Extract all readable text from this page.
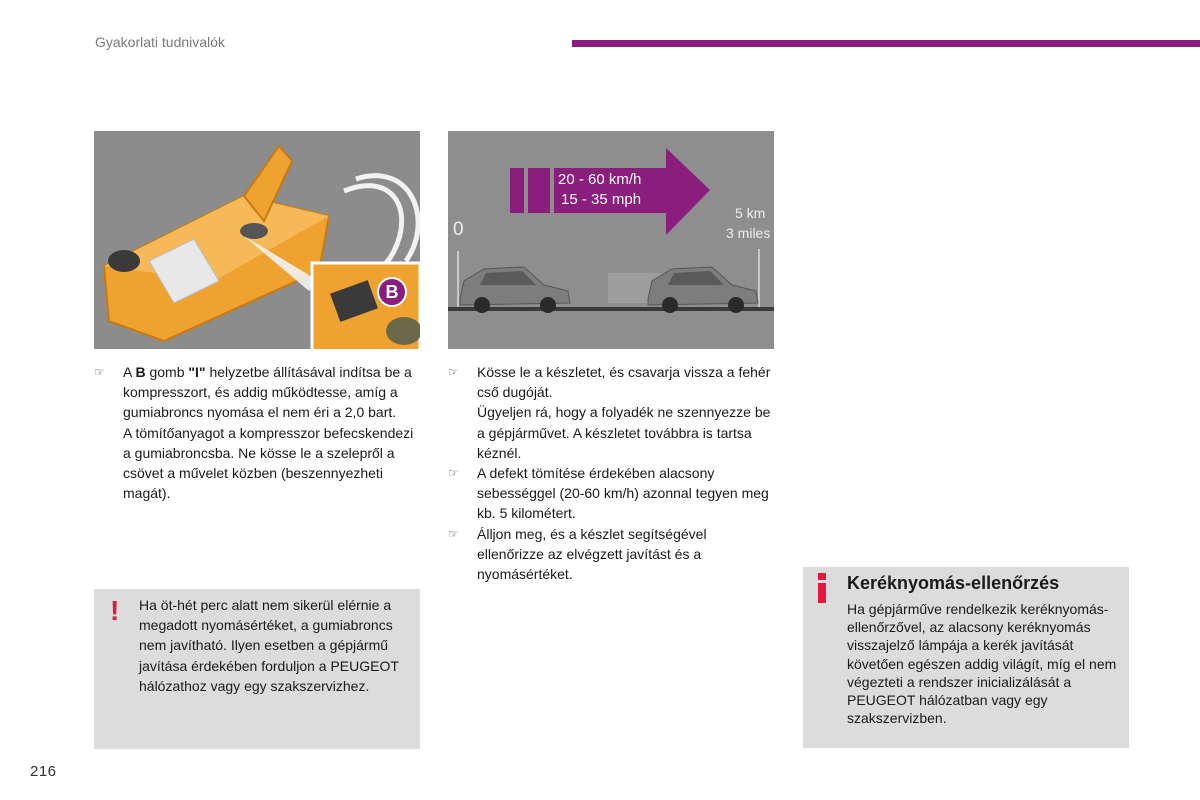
Gyakorlati tudnivalók
B
20 - 60 km/h
15 - 35 mph
0
5 km
3 miles

☞ A B gomb "I" helyzetbe állításával indítsa be a kompresszort, és addig működtesse, amíg a gumiabroncs nyomása el nem éri a 2,0 bart.

A tömítőanyagot a kompresszor befecskendezi a gumiabroncsba. Ne kösse le a szelepről a csövet a művelet közben (beszennyezheti magát).

☞ Kösse le a készletet, és csavarja vissza a fehér cső dugóját.

Ügyeljen rá, hogy a folyadék ne szennyezze be a gépjárművet. A készletet továbbra is tartsa kéznél.

☞ A defekt tömítése érdekében alacsony sebességgel (20-60 km/h) azonnal tegyen meg kb. 5 kilométert.

☞ Álljon meg, és a készlet segítségével ellenőrizze az elvégzett javítást és a nyomásértéket.

! Ha öt-hét perc alatt nem sikerül elérnie a megadott nyomásértéket, a gumiabroncs nem javítható. Ilyen esetben a gépjármű javítása érdekében forduljon a PEUGEOT hálózathoz vagy egy szakszervizhez.
Keréknyomás-ellenőrzés
Ha gépjárműve rendelkezik keréknyomás-ellenőrzővel, az alacsony keréknyomás visszajelző lámpája a kerék javítását követően egészen addig világít, míg el nem végezteti a rendszer inicializálását a PEUGEOT hálózatban vagy egy szakszervizben.
216
